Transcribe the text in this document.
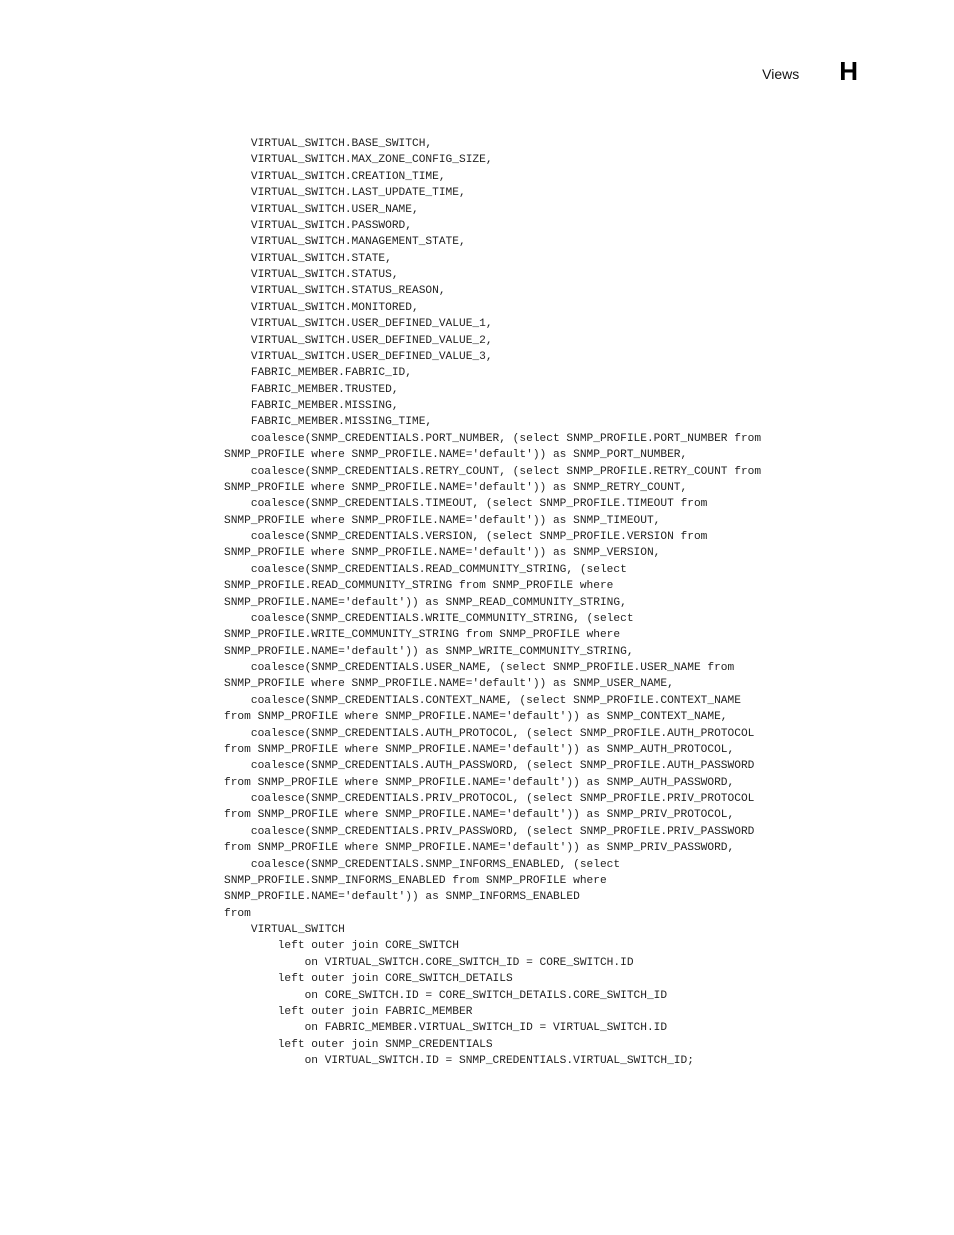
Views H
VIRTUAL_SWITCH.BASE_SWITCH,
VIRTUAL_SWITCH.MAX_ZONE_CONFIG_SIZE,
VIRTUAL_SWITCH.CREATION_TIME,
VIRTUAL_SWITCH.LAST_UPDATE_TIME,
VIRTUAL_SWITCH.USER_NAME,
VIRTUAL_SWITCH.PASSWORD,
VIRTUAL_SWITCH.MANAGEMENT_STATE,
VIRTUAL_SWITCH.STATE,
VIRTUAL_SWITCH.STATUS,
VIRTUAL_SWITCH.STATUS_REASON,
VIRTUAL_SWITCH.MONITORED,
VIRTUAL_SWITCH.USER_DEFINED_VALUE_1,
VIRTUAL_SWITCH.USER_DEFINED_VALUE_2,
VIRTUAL_SWITCH.USER_DEFINED_VALUE_3,
FABRIC_MEMBER.FABRIC_ID,
FABRIC_MEMBER.TRUSTED,
FABRIC_MEMBER.MISSING,
FABRIC_MEMBER.MISSING_TIME,
coalesce(SNMP_CREDENTIALS.PORT_NUMBER, (select SNMP_PROFILE.PORT_NUMBER from
SNMP_PROFILE where SNMP_PROFILE.NAME='default')) as SNMP_PORT_NUMBER,
coalesce(SNMP_CREDENTIALS.RETRY_COUNT, (select SNMP_PROFILE.RETRY_COUNT from
SNMP_PROFILE where SNMP_PROFILE.NAME='default')) as SNMP_RETRY_COUNT,
coalesce(SNMP_CREDENTIALS.TIMEOUT, (select SNMP_PROFILE.TIMEOUT from
SNMP_PROFILE where SNMP_PROFILE.NAME='default')) as SNMP_TIMEOUT,
coalesce(SNMP_CREDENTIALS.VERSION, (select SNMP_PROFILE.VERSION from
SNMP_PROFILE where SNMP_PROFILE.NAME='default')) as SNMP_VERSION,
coalesce(SNMP_CREDENTIALS.READ_COMMUNITY_STRING, (select
SNMP_PROFILE.READ_COMMUNITY_STRING from SNMP_PROFILE where
SNMP_PROFILE.NAME='default')) as SNMP_READ_COMMUNITY_STRING,
coalesce(SNMP_CREDENTIALS.WRITE_COMMUNITY_STRING, (select
SNMP_PROFILE.WRITE_COMMUNITY_STRING from SNMP_PROFILE where
SNMP_PROFILE.NAME='default')) as SNMP_WRITE_COMMUNITY_STRING,
coalesce(SNMP_CREDENTIALS.USER_NAME, (select SNMP_PROFILE.USER_NAME from
SNMP_PROFILE where SNMP_PROFILE.NAME='default')) as SNMP_USER_NAME,
coalesce(SNMP_CREDENTIALS.CONTEXT_NAME, (select SNMP_PROFILE.CONTEXT_NAME
from SNMP_PROFILE where SNMP_PROFILE.NAME='default')) as SNMP_CONTEXT_NAME,
coalesce(SNMP_CREDENTIALS.AUTH_PROTOCOL, (select SNMP_PROFILE.AUTH_PROTOCOL
from SNMP_PROFILE where SNMP_PROFILE.NAME='default')) as SNMP_AUTH_PROTOCOL,
coalesce(SNMP_CREDENTIALS.AUTH_PASSWORD, (select SNMP_PROFILE.AUTH_PASSWORD
from SNMP_PROFILE where SNMP_PROFILE.NAME='default')) as SNMP_AUTH_PASSWORD,
coalesce(SNMP_CREDENTIALS.PRIV_PROTOCOL, (select SNMP_PROFILE.PRIV_PROTOCOL
from SNMP_PROFILE where SNMP_PROFILE.NAME='default')) as SNMP_PRIV_PROTOCOL,
coalesce(SNMP_CREDENTIALS.PRIV_PASSWORD, (select SNMP_PROFILE.PRIV_PASSWORD
from SNMP_PROFILE where SNMP_PROFILE.NAME='default')) as SNMP_PRIV_PASSWORD,
coalesce(SNMP_CREDENTIALS.SNMP_INFORMS_ENABLED, (select
SNMP_PROFILE.SNMP_INFORMS_ENABLED from SNMP_PROFILE where
SNMP_PROFILE.NAME='default')) as SNMP_INFORMS_ENABLED
from
VIRTUAL_SWITCH
left outer join CORE_SWITCH
on VIRTUAL_SWITCH.CORE_SWITCH_ID = CORE_SWITCH.ID
left outer join CORE_SWITCH_DETAILS
on CORE_SWITCH.ID = CORE_SWITCH_DETAILS.CORE_SWITCH_ID
left outer join FABRIC_MEMBER
on FABRIC_MEMBER.VIRTUAL_SWITCH_ID = VIRTUAL_SWITCH.ID
left outer join SNMP_CREDENTIALS
on VIRTUAL_SWITCH.ID = SNMP_CREDENTIALS.VIRTUAL_SWITCH_ID;
